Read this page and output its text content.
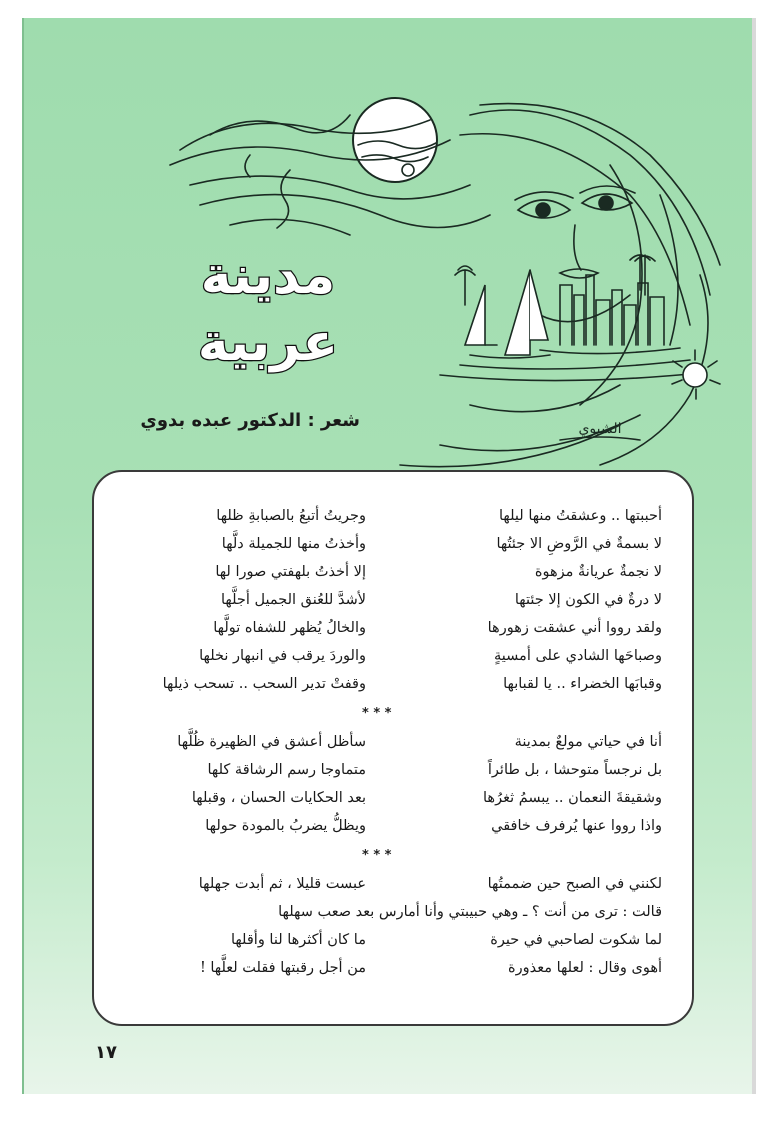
الشيوي
مدينة
عربية
شعر : الدكتور عبده بدوي
أحببتها .. وعشقتُ منها ليلها
وجريتُ أتبعُ بالصبابةِ ظلها
لا بسمةٌ في الرَّوضِ الا جئتُها
وأخذتُ منها للجميلة دلَّها
لا نجمةٌ عريانةٌ مزهوة
إلا أخذتُ بلهفتي صورا لها
لا درةٌ في الكون إلا جئتها
لأشدَّ للعُنق الجميل أجلَّها
ولقد رووا أني عشقت زهورها
والخالُ يُظهر للشفاه تولَّها
وصباحَها الشادي على أمسيةٍ
والوردَ يرقب في انبهار نخلها
وقبابَها الخضراء .. يا لقبابها
وقفتْ تدير السحب .. تسحب ذيلها
* * *
أنا في حياتي مولعٌ بمدينة
سأظل أعشق في الظهيرة ظُلَّها
بل نرجساً متوحشا ، بل طائراً
متماوجا رسم الرشاقة كلها
وشقيقةَ النعمان .. يبسمُ ثغرُها
بعد الحكايات الحسان ، وقبلها
واذا رووا عنها يُرفرف خافقي
ويظلُّ يضربُ بالمودة حولها
* * *
لكنني في الصبح حين ضممتُها
عبست قليلا ، ثم أبدت جهلها
قالت : ترى من أنت ؟ ـ وهي حبيبتي وأنا أمارس بعد صعب سهلها
لما شكوت لصاحبي في حيرة
ما كان أكثرها لنا وأقلها
أهوى وقال : لعلها معذورة
من أجل رقبتها فقلت لعلَّها !
١٧
